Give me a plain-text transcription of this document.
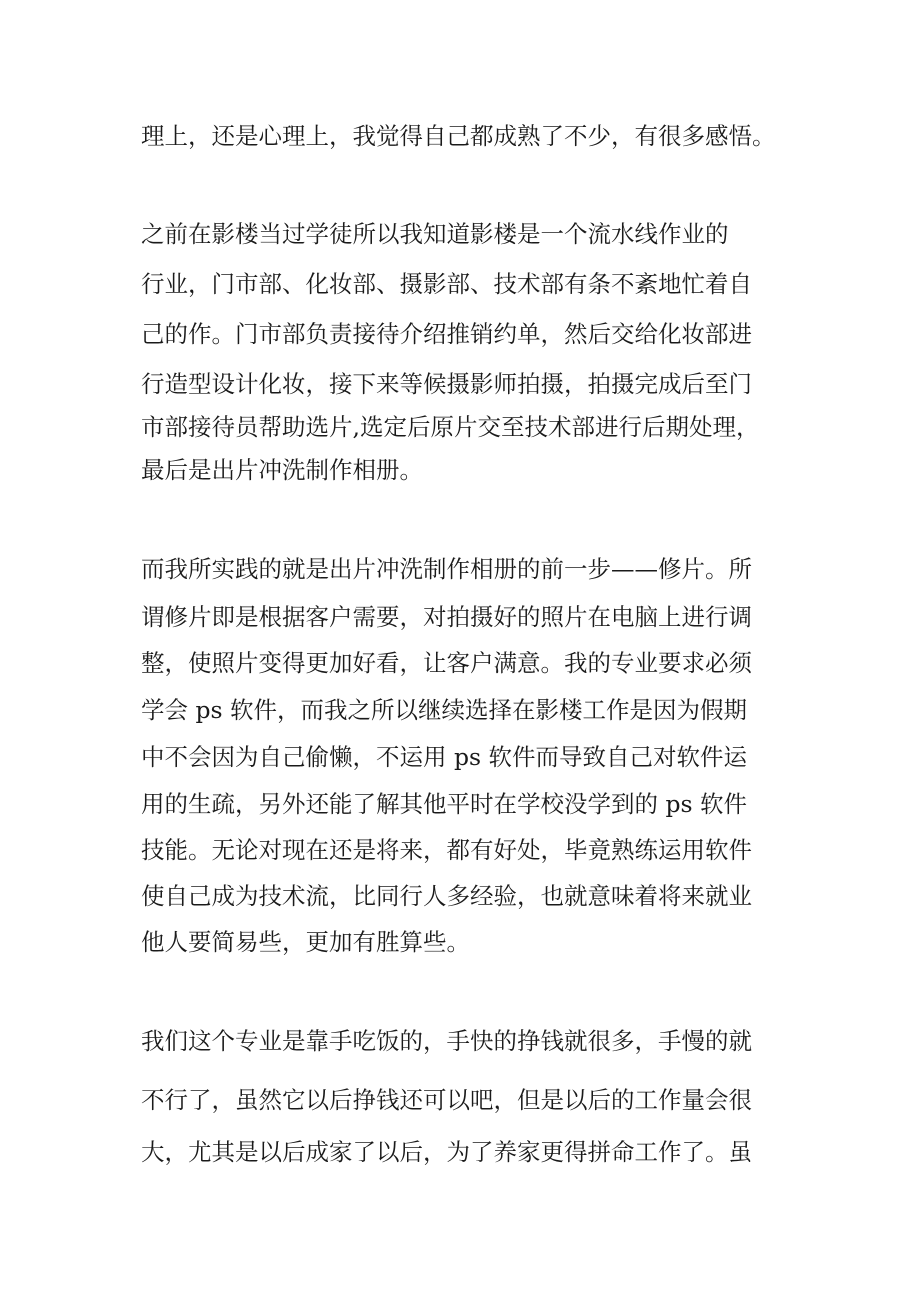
理上，还是心理上，我觉得自己都成熟了不少，有很多感悟。
之前在影楼当过学徒所以我知道影楼是一个流水线作业的
行业，门市部、化妆部、摄影部、技术部有条不紊地忙着自
己的作。门市部负责接待介绍推销约单，然后交给化妆部进
行造型设计化妆，接下来等候摄影师拍摄，拍摄完成后至门
市部接待员帮助选片,选定后原片交至技术部进行后期处理，
最后是出片冲洗制作相册。
而我所实践的就是出片冲洗制作相册的前一步——修片。所
谓修片即是根据客户需要，对拍摄好的照片在电脑上进行调
整，使照片变得更加好看，让客户满意。我的专业要求必须
学会 ps 软件，而我之所以继续选择在影楼工作是因为假期
中不会因为自己偷懒，不运用 ps 软件而导致自己对软件运
用的生疏，另外还能了解其他平时在学校没学到的 ps 软件
技能。无论对现在还是将来，都有好处，毕竟熟练运用软件
使自己成为技术流，比同行人多经验，也就意味着将来就业
他人要简易些，更加有胜算些。
我们这个专业是靠手吃饭的，手快的挣钱就很多，手慢的就
不行了，虽然它以后挣钱还可以吧，但是以后的工作量会很
大，尤其是以后成家了以后，为了养家更得拼命工作了。虽
